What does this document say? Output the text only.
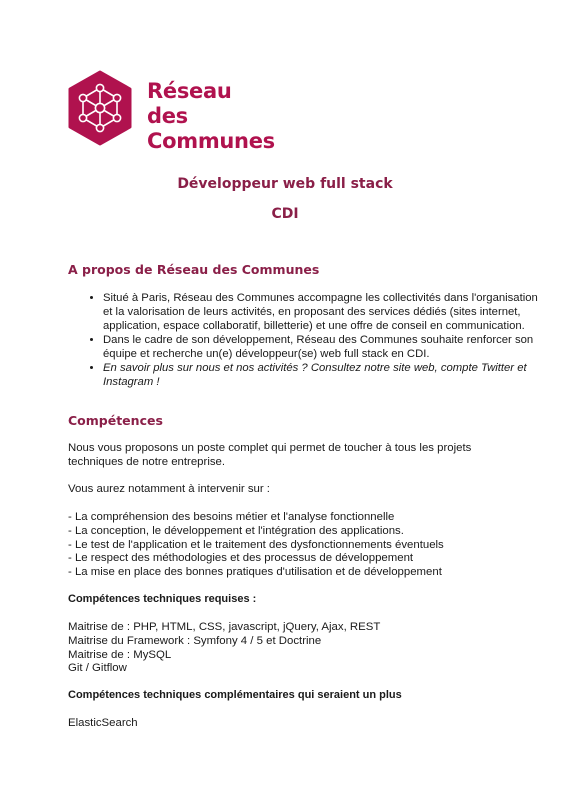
Réseau
des Communes
Développeur web full stack
CDI
A propos de Réseau des Communes
• Situé à Paris, Réseau des Communes accompagne les collectivités dans l'organisation et la valorisation de leurs activités, en proposant des services dédiés (sites internet, application, espace collaboratif, billetterie) et une offre de conseil en communication.
• Dans le cadre de son développement, Réseau des Communes souhaite renforcer son équipe et recherche un(e) développeur(se) web full stack en CDI.
• En savoir plus sur nous et nos activités ? Consultez notre site web, compte Twitter et Instagram !
Compétences
Nous vous proposons un poste complet qui permet de toucher à tous les projets
techniques de notre entreprise.
Vous aurez notamment à intervenir sur :
- La compréhension des besoins métier et l'analyse fonctionnelle
- La conception, le développement et l'intégration des applications.
- Le test de l'application et le traitement des dysfonctionnements éventuels
- Le respect des méthodologies et des processus de développement
- La mise en place des bonnes pratiques d'utilisation et de développement
Compétences techniques requises :
Maitrise de : PHP, HTML, CSS, javascript, jQuery, Ajax, REST
Maitrise du Framework : Symfony 4 / 5 et Doctrine
Maitrise de : MySQL
Git / Gitflow
Compétences techniques complémentaires qui seraient un plus
ElasticSearch
